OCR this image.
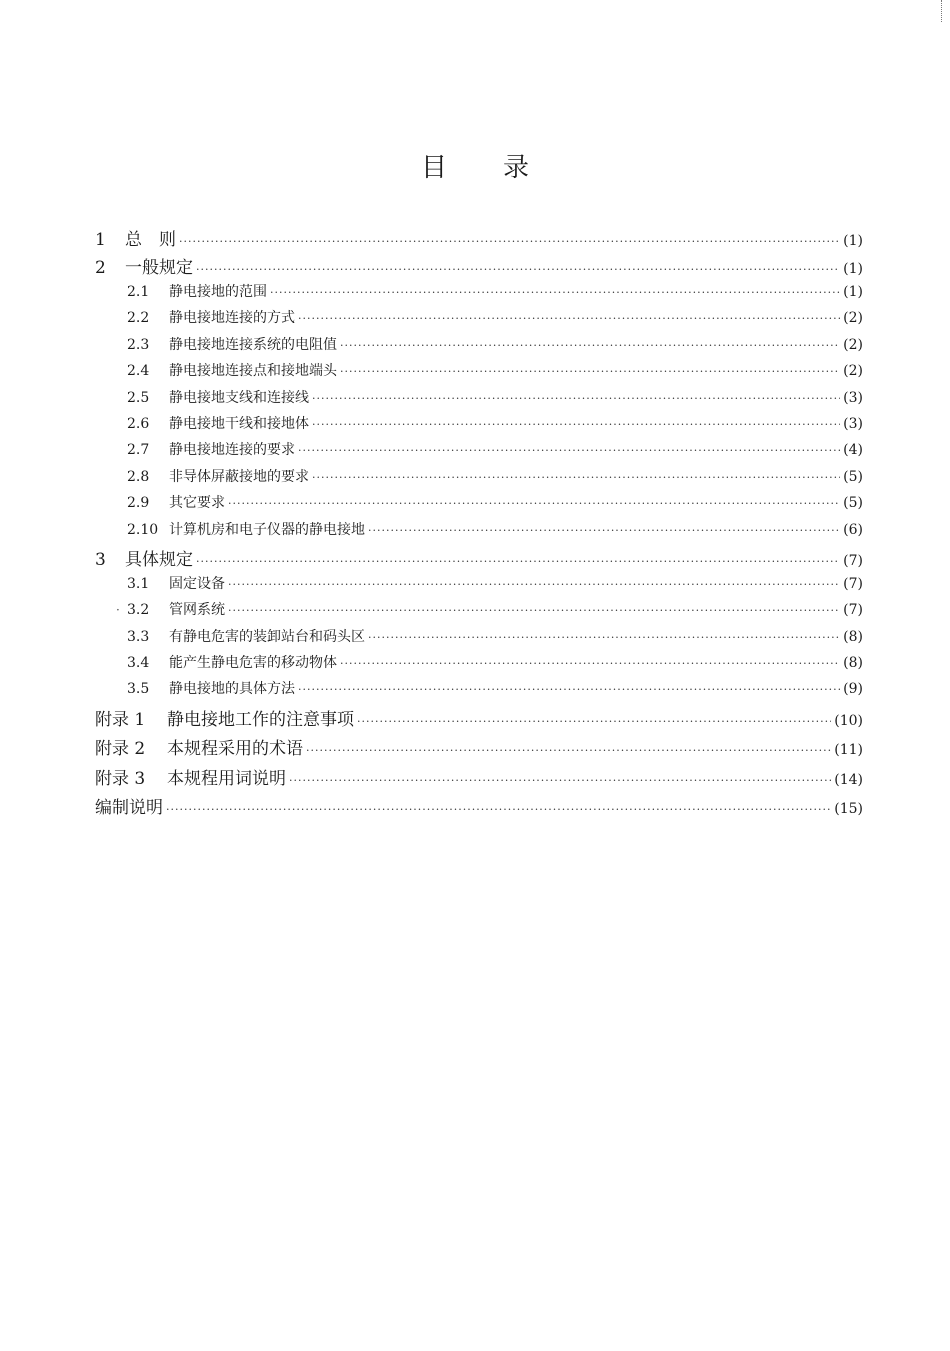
目 录
·
1	总　则 ·····	(1)
2	一般规定 ·····	(1)
2.1	静电接地的范围 ·····	(1)
2.2	静电接地连接的方式 ·····	(2)
2.3	静电接地连接系统的电阻值 ·····	(2)
2.4	静电接地连接点和接地端头 ·····	(2)
2.5	静电接地支线和连接线 ·····	(3)
2.6	静电接地干线和接地体 ·····	(3)
2.7	静电接地连接的要求 ·····	(4)
2.8	非导体屏蔽接地的要求 ·····	(5)
2.9	其它要求 ·····	(5)
2.10 计算机房和电子仪器的静电接地 ·····	(6)
3	具体规定 ·····	(7)
3.1	固定设备 ·····	(7)
3.2	管网系统 ·····	(7)
3.3	有静电危害的装卸站台和码头区 ·····	(8)
3.4	能产生静电危害的移动物体 ·····	(8)
3.5	静电接地的具体方法 ·····	(9)
附录 1	静电接地工作的注意事项 ·····	(10)
附录 2	本规程采用的术语 ·····	(11)
附录 3	本规程用词说明 ·····	(14)
编制说明 ·····	(15)
